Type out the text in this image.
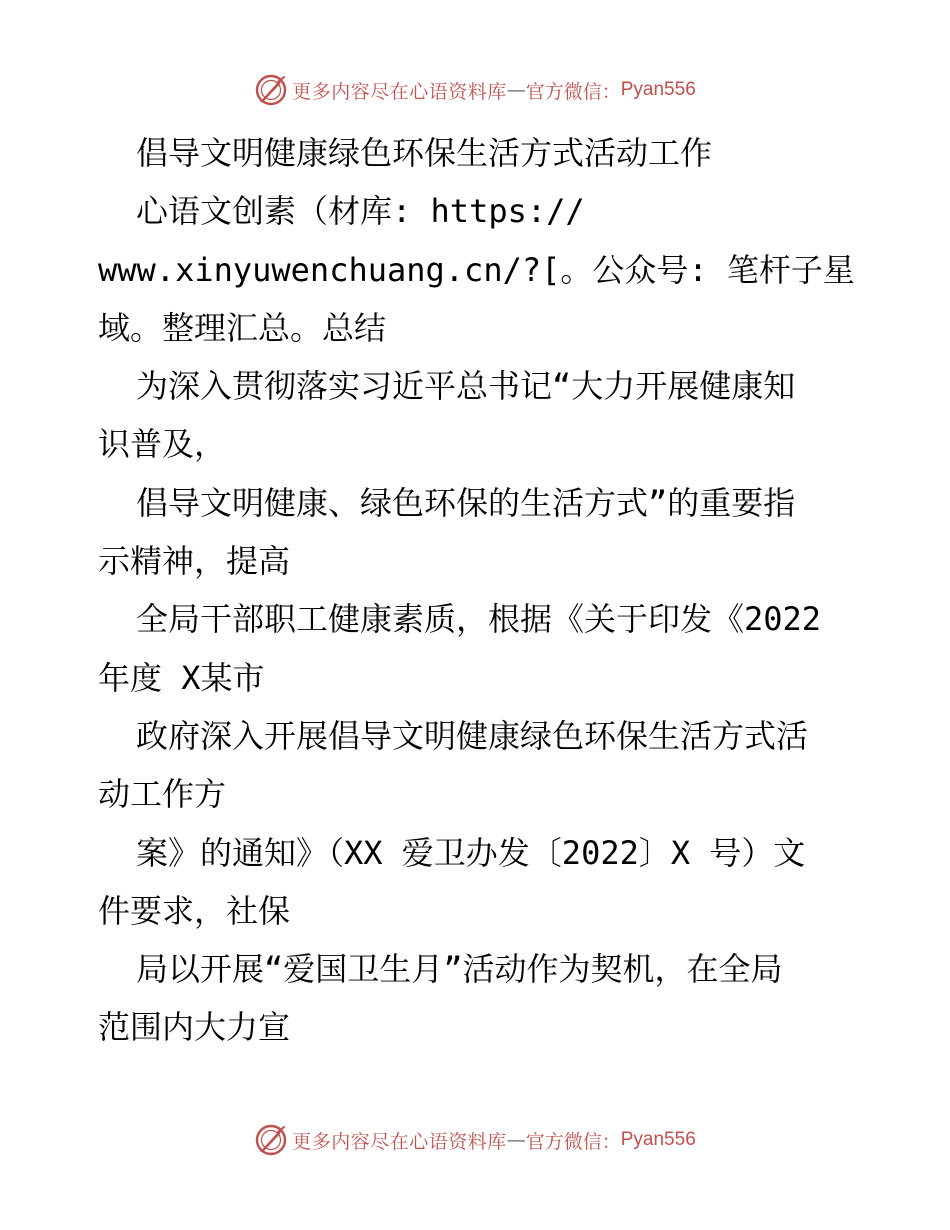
更多内容尽在心语资料库 — 官方微信： Pyan556
倡导文明健康绿色环保生活方式活动工作
心语文创素（材库: https://
www.xinyuwenchuang.cn/?[。公众号: 笔杆子星
域。整理汇总。总结
为深入贯彻落实习近平总书记“大力开展健康知
识普及，
倡导文明健康、绿色环保的生活方式”的重要指
示精神，提高
全局干部职工健康素质，根据《关于印发《2022
年度 X某市
政府深入开展倡导文明健康绿色环保生活方式活
动工作方
案》的通知》（XX 爱卫办发〔2022〕X 号）文
件要求，社保
局以开展“爱国卫生月”活动作为契机，在全局
范围内大力宣
更多内容尽在心语资料库 — 官方微信： Pyan556
